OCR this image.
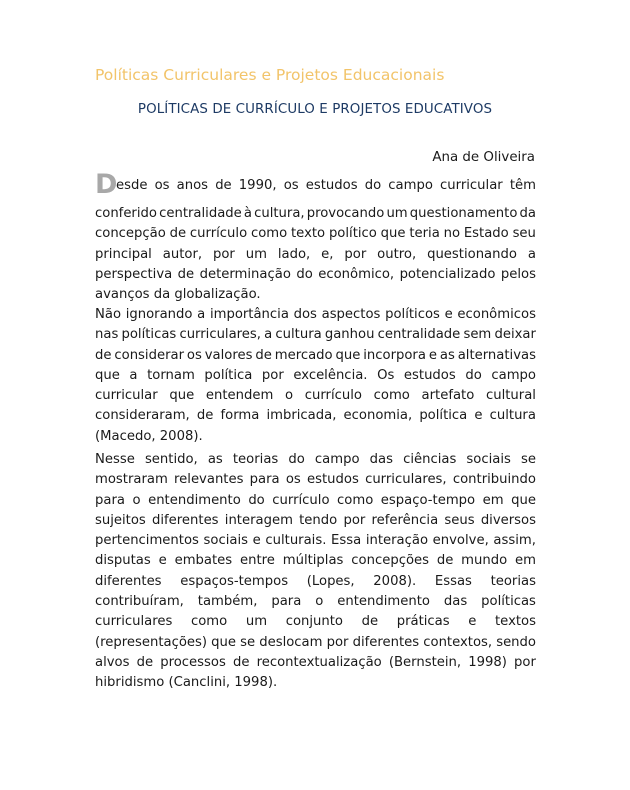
Políticas Curriculares e Projetos Educacionais
POLÍTICAS DE CURRÍCULO E PROJETOS EDUCATIVOS
Ana de Oliveira
D
esde os anos de 1990, os estudos do campo curricular têm
conferido centralidade à cultura, provocando um questionamento da
concepção de currículo como texto político que teria no Estado seu
principal autor, por um lado, e, por outro, questionando a
perspectiva de determinação do econômico, potencializado pelos
avanços da globalização.
Não ignorando a importância dos aspectos políticos e econômicos
nas políticas curriculares, a cultura ganhou centralidade sem deixar
de considerar os valores de mercado que incorpora e as alternativas
que a tornam política por excelência. Os estudos do campo
curricular que entendem o currículo como artefato cultural
consideraram, de forma imbricada, economia, política e cultura
(Macedo, 2008).
Nesse sentido, as teorias do campo das ciências sociais se
mostraram relevantes para os estudos curriculares, contribuindo
para o entendimento do currículo como espaço-tempo em que
sujeitos diferentes interagem tendo por referência seus diversos
pertencimentos sociais e culturais. Essa interação envolve, assim,
disputas e embates entre múltiplas concepções de mundo em
diferentes espaços-tempos (Lopes, 2008). Essas teorias
contribuíram, também, para o entendimento das políticas
curriculares como um conjunto de práticas e textos
(representações) que se deslocam por diferentes contextos, sendo
alvos de processos de recontextualização (Bernstein, 1998) por
hibridismo (Canclini, 1998).
